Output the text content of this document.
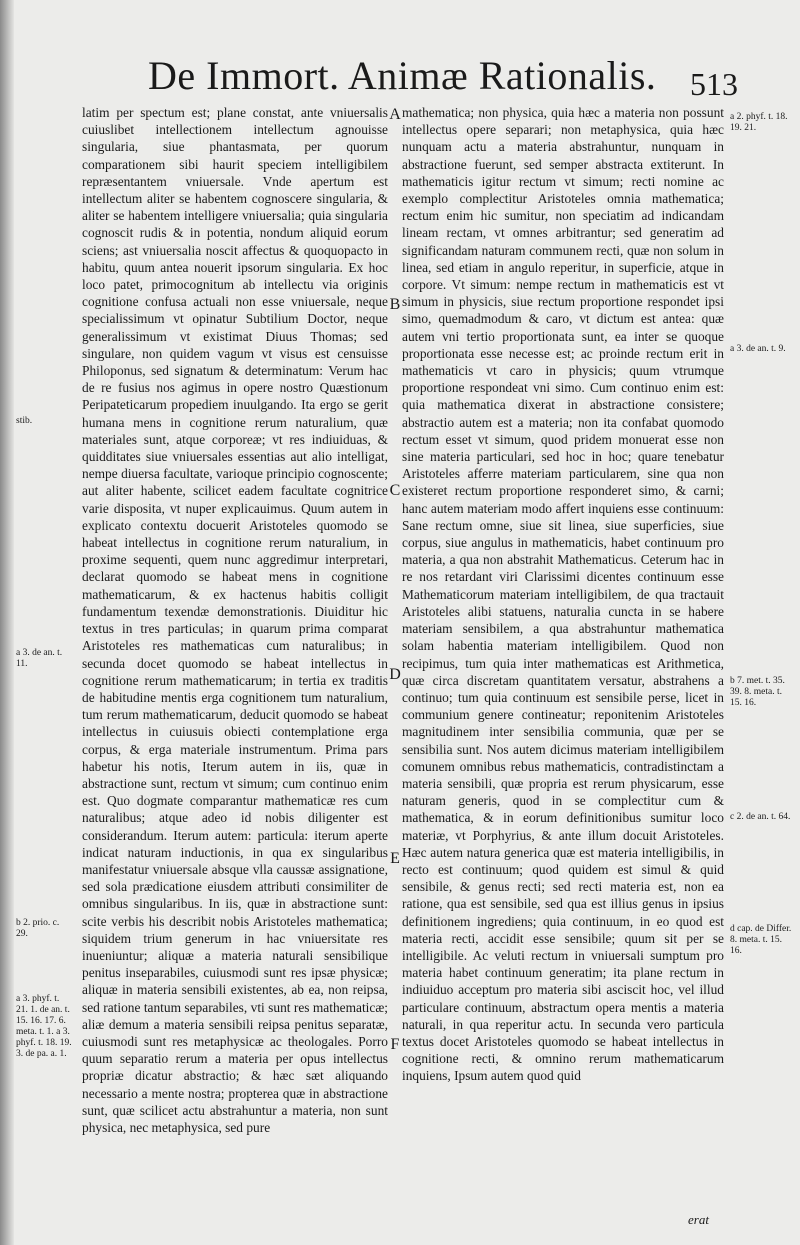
De Immort. Animæ Rationalis. 513

latim per spectum est; plane constat, ante vniuersalis cuiuslibet intellectionem intellectum agnouisse singularia, siue phantasmata, per quorum comparationem sibi haurit speciem intelligibilem repræsentantem vniuersale. Vnde apertum est intellectum aliter se habentem cognoscere singularia, & aliter se habentem intelligere vniuersalia; quia singularia cognoscit rudis & in potentia, nondum aliquid eorum sciens; ast vniuersalia noscit affectus & quoquopacto in habitu, quum antea nouerit ipsorum singularia. Ex hoc loco patet, primocognitum ab intellectu via originis cognitione confusa actuali non esse vniuersale, neque specialissimum vt opinatur Subtilium Doctor, neque generalissimum vt existimat Diuus Thomas; sed singulare, non quidem vagum vt visus est censuisse Philoponus, sed signatum & determinatum: Verum hac de re fusius nos agimus in opere nostro Quæstionum Peripateticarum propediem inuulgando. Ita ergo se gerit humana mens in cognitione rerum naturalium, quæ materiales sunt, atque corporeæ; vt res indiuiduas, & quidditates siue vniuersales essentias aut alio intelligat, nempe diuersa facultate, varioque principio cognoscente; aut aliter habente, scilicet eadem facultate cognitrice varie disposita, vt nuper explicauimus. Quum autem in explicato contextu docuerit Aristoteles quomodo se habeat intellectus in cognitione rerum naturalium, in proxime sequenti, quem nunc aggredimur interpretari, declarat quomodo se habeat mens in cognitione mathematicarum, & ex hactenus habitis colligit fundamentum texendæ demonstrationis. Diuiditur hic textus in tres particulas; in quarum prima comparat Aristoteles res mathematicas cum naturalibus; in secunda docet quomodo se habeat intellectus in cognitione rerum mathematicarum; in tertia ex traditis de habitudine mentis erga cognitionem tum naturalium, tum rerum mathematicarum, deducit quomodo se habeat intellectus in cuiusuis obiecti contemplatione erga corpus, & erga materiale instrumentum. Prima pars habetur his notis, Iterum autem in iis, quæ in abstractione sunt, rectum vt simum; cum continuo enim est. Quo dogmate comparantur mathematicæ res cum naturalibus; atque adeo id nobis diligenter est considerandum. Iterum autem: particula: iterum aperte indicat naturam inductionis, in qua ex singularibus manifestatur vniuersale absque vlla caussæ assignatione, sed sola prædicatione eiusdem attributi consimiliter de omnibus singularibus. In iis, quæ in abstractione sunt: scite verbis his describit nobis Aristoteles mathematica; siquidem trium generum in hac vniuersitate res inueniuntur; aliquæ a materia naturali sensibilique penitus inseparabiles, cuiusmodi sunt res ipsæ physicæ; aliquæ in materia sensibili existentes, ab ea, non reipsa, sed ratione tantum separabiles, vti sunt res mathematicæ; aliæ demum a materia sensibili reipsa penitus separatæ, cuiusmodi sunt res metaphysicæ ac theologales. Porro quum separatio rerum a materia per opus intellectus propriæ dicatur abstractio; & hæc sæt aliquando necessario a mente nostra; propterea quæ in abstractione sunt, quæ scilicet actu abstrahuntur a materia, non sunt physica, nec metaphysica, sed pure

mathematica; non physica, quia hæc a materia non possunt intellectus opere separari; non metaphysica, quia hæc nunquam actu a materia abstrahuntur, nunquam in abstractione fuerunt, sed semper abstracta extiterunt. In mathematicis igitur rectum vt simum; recti nomine ac exemplo complectitur Aristoteles omnia mathematica; rectum enim hic sumitur, non speciatim ad indicandam lineam rectam, vt omnes arbitrantur; sed generatim ad significandam naturam communem recti, quæ non solum in linea, sed etiam in angulo reperitur, in superficie, atque in corpore. Vt simum: nempe rectum in mathematicis est vt simum in physicis, siue rectum proportione respondet ipsi simo, quemadmodum & caro, vt dictum est antea: quæ autem vni tertio proportionata sunt, ea inter se quoque proportionata esse necesse est; ac proinde rectum erit in mathematicis vt caro in physicis; quum vtrumque proportione respondeat vni simo. Cum continuo enim est: quia mathematica dixerat in abstractione consistere; abstractio autem est a materia; non ita confabat quomodo rectum esset vt simum, quod pridem monuerat esse non sine materia particulari, sed hoc in hoc; quare tenebatur Aristoteles afferre materiam particularem, sine qua non existeret rectum proportione responderet simo, & carni; hanc autem materiam modo affert inquiens esse continuum: Sane rectum omne, siue sit linea, siue superficies, siue corpus, siue angulus in mathematicis, habet continuum pro materia, a qua non abstrahit Mathematicus. Ceterum hac in re nos retardant viri Clarissimi dicentes continuum esse Mathematicorum materiam intelligibilem, de qua tractauit Aristoteles alibi statuens, naturalia cuncta in se habere materiam sensibilem, a qua abstrahuntur mathematica solam habentia materiam intelligibilem. Quod non recipimus, tum quia inter mathematicas est Arithmetica, quæ circa discretam quantitatem versatur, abstrahens a continuo; tum quia continuum est sensibile perse, licet in communium genere contineatur; reponitenim Aristoteles magnitudinem inter sensibilia communia, quæ per se sensibilia sunt. Nos autem dicimus materiam intelligibilem comunem omnibus rebus mathematicis, contradistinctam a materia sensibili, quæ propria est rerum physicarum, esse naturam generis, quod in se complectitur cum & mathematica, & in eorum definitionibus sumitur loco materiæ, vt Porphyrius, & ante illum docuit Aristoteles. Hæc autem natura generica quæ est materia intelligibilis, in recto est continuum; quod quidem est simul & quid sensibile, & genus recti; sed recti materia est, non ea ratione, qua est sensibile, sed qua est illius genus in ipsius definitionem ingrediens; quia continuum, in eo quod est materia recti, accidit esse sensibile; quum sit per se intelligibile. Ac veluti rectum in vniuersali sumptum pro materia habet continuum generatim; ita plane rectum in indiuiduo acceptum pro materia sibi asciscit hoc, vel illud particulare continuum, abstractum opera mentis a materia naturali, in qua reperitur actu. In secunda vero particula textus docet Aristoteles quomodo se habeat intellectus in cognitione recti, & omnino rerum mathematicarum inquiens, Ipsum autem quod quid

A
B
C
D
E
F
stib.
a 3. de an. t. 11.
b 2. prio. c. 29.
a 3. phyf. t. 21. 1. de an. t. 15. 16. 17. 6. meta. t. 1. a 3. phyf. t. 18. 19. 3. de pa. a. 1.
a 2. phyf. t. 18. 19. 21.
a 3. de an. t. 9.
b 7. met. t. 35. 39. 8. meta. t. 15. 16.
c 2. de an. t. 64.
d cap. de Differ. 8. meta. t. 15. 16.
erat
